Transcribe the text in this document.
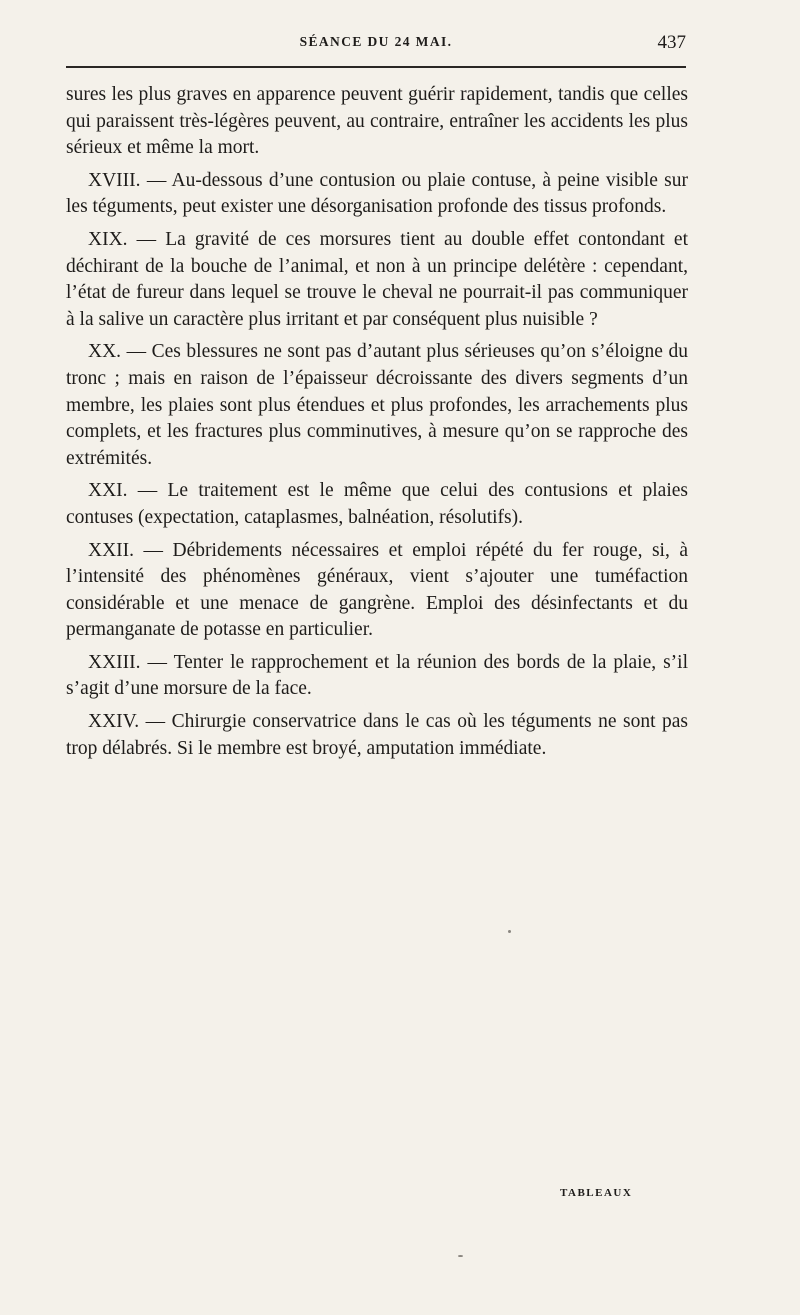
SÉANCE DU 24 MAI.	437

sures les plus graves en apparence peuvent guérir rapidement, tandis que celles qui paraissent très-légères peuvent, au contraire, entraîner les accidents les plus sérieux et même la mort.

XVIII. — Au-dessous d’une contusion ou plaie contuse, à peine visible sur les téguments, peut exister une désorganisation profonde des tissus profonds.

XIX. — La gravité de ces morsures tient au double effet contondant et déchirant de la bouche de l’animal, et non à un principe delétère : cependant, l’état de fureur dans lequel se trouve le cheval ne pourrait-il pas communiquer à la salive un caractère plus irritant et par conséquent plus nuisible ?

XX. — Ces blessures ne sont pas d’autant plus sérieuses qu’on s’éloigne du tronc ; mais en raison de l’épaisseur décroissante des divers segments d’un membre, les plaies sont plus étendues et plus profondes, les arrachements plus complets, et les fractures plus comminutives, à mesure qu’on se rapproche des extrémités.

XXI. — Le traitement est le même que celui des contusions et plaies contuses (expectation, cataplasmes, balnéation, résolutifs).

XXII. — Débridements nécessaires et emploi répété du fer rouge, si, à l’intensité des phénomènes généraux, vient s’ajouter une tuméfaction considérable et une menace de gangrène. Emploi des désinfectants et du permanganate de potasse en particulier.

XXIII. — Tenter le rapprochement et la réunion des bords de la plaie, s’il s’agit d’une morsure de la face.

XXIV. — Chirurgie conservatrice dans le cas où les téguments ne sont pas trop délabrés. Si le membre est broyé, amputation immédiate.

TABLEAUX
